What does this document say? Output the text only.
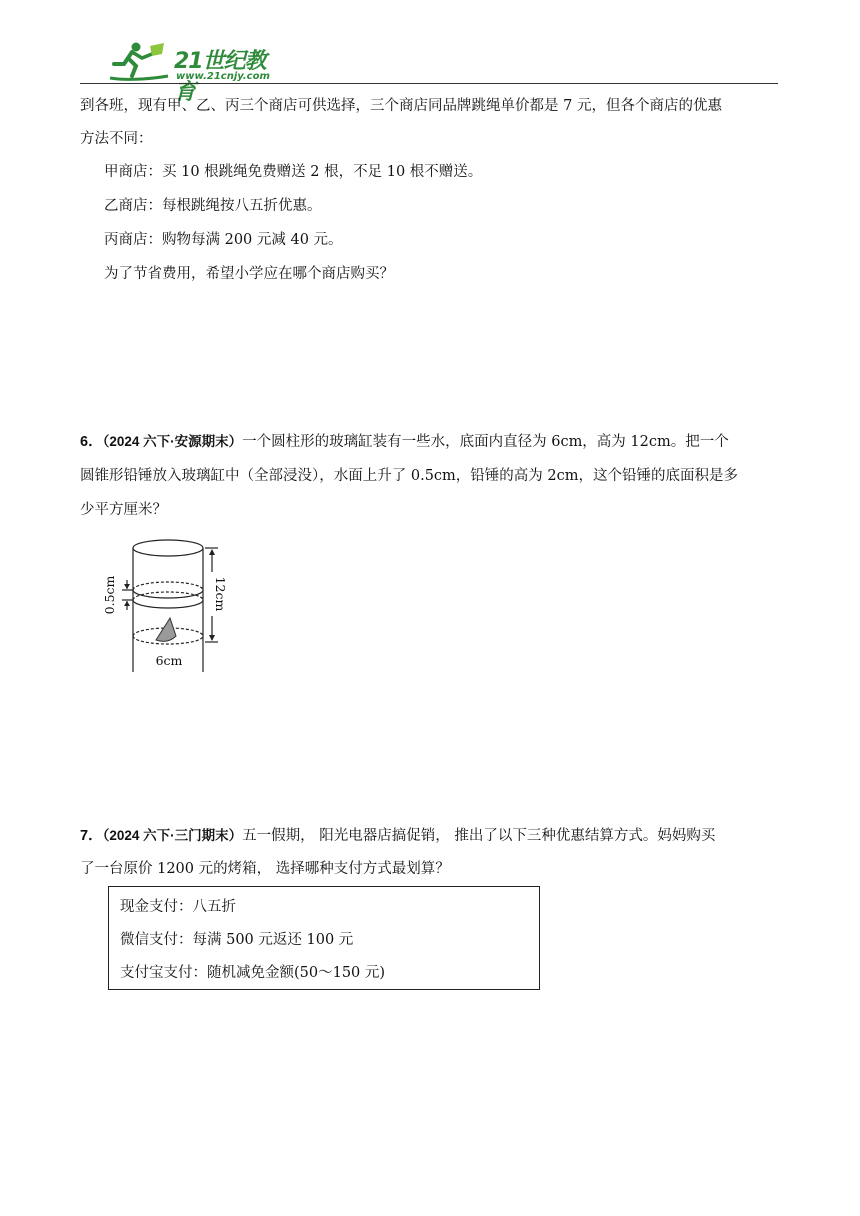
21世纪教育
www.21cnjy.com
到各班，现有甲、乙、丙三个商店可供选择，三个商店同品牌跳绳单价都是 7 元，但各个商店的优惠
方法不同：
甲商店：买 10 根跳绳免费赠送 2 根，不足 10 根不赠送。
乙商店：每根跳绳按八五折优惠。
丙商店：购物每满 200 元减 40 元。
为了节省费用，希望小学应在哪个商店购买？
6．（2024 六下·安源期末）一个圆柱形的玻璃缸装有一些水，底面内直径为 6cm，高为 12cm。把一个
圆锥形铅锤放入玻璃缸中（全部浸没），水面上升了 0.5cm，铅锤的高为 2cm，这个铅锤的底面积是多
少平方厘米？
12cm
0.5cm
6cm
7．（2024 六下·三门期末）五一假期， 阳光电器店搞促销， 推出了以下三种优惠结算方式。妈妈购买
了一台原价 1200 元的烤箱， 选择哪种支付方式最划算？
现金支付：八五折
微信支付：每满 500 元返还 100 元
支付宝支付：随机减免金额(50～150 元)
